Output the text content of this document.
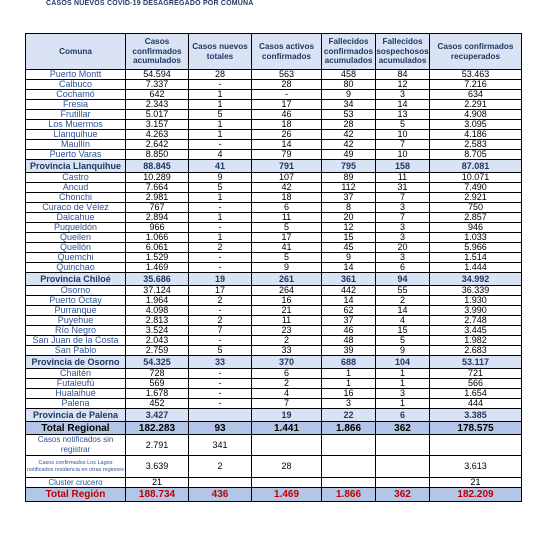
CASOS NUEVOS COVID-19 DESAGREGADO POR COMUNA
Comuna	Casos confirmados acumulados	Casos nuevos totales	Casos activos confirmados	Fallecidos confirmados acumulados	Fallecidos sospechosos acumulados	Casos confirmados recuperados
Puerto Montt	54.594	28	563	458	84	53.463
Calbuco	7.337	-	28	80	12	7.216
Cochamó	642	1	-	9	3	634
Fresia	2.343	1	17	34	14	2.291
Frutillar	5.017	5	46	53	13	4.908
Los Muermos	3.157	1	18	28	5	3.095
Llanquihue	4.263	1	26	42	10	4.186
Maullín	2.642	-	14	42	7	2.583
Puerto Varas	8.850	4	79	49	10	8.705
Provincia Llanquihue	88.845	41	791	795	158	87.081
Castro	10.289	9	107	89	11	10.071
Ancud	7.664	5	42	112	31	7.490
Chonchi	2.981	1	18	37	7	2.921
Curaco de Vélez	767	-	6	8	3	750
Dalcahue	2.894	1	11	20	7	2.857
Puqueldón	966	-	5	12	3	946
Queilen	1.066	1	17	15	3	1.033
Quellón	6.061	2	41	45	20	5.966
Quemchi	1.529	-	5	9	3	1.514
Quinchao	1.469	-	9	14	6	1.444
Provincia Chiloé	35.686	19	261	361	94	34.992
Osorno	37.124	17	264	442	55	36.339
Puerto Octay	1.964	2	16	14	2	1.930
Purranque	4.098	-	21	62	14	3.990
Puyehue	2.813	2	11	37	4	2.748
Río Negro	3.524	7	23	46	15	3.445
San Juan de la Costa	2.043	-	2	48	5	1.982
San Pablo	2.759	5	33	39	9	2.683
Provincia de Osorno	54.325	33	370	688	104	53.117
Chaitén	728	-	6	1	1	721
Futaleufú	569	-	2	1	1	566
Hualaihué	1.678	-	4	16	3	1.654
Palena	452	-	7	3	1	444
Provincia de Palena	3.427		19	22	6	3.385
Total Regional	182.283	93	1.441	1.866	362	178.575
Casos notificados sin registrar	2.791	341				
Casos confirmados Los Lagos notificados residencia en otras regiones	3.639	2	28			3.613
Cluster crucero	21					21
Total Región	188.734	436	1.469	1.866	362	182.209
